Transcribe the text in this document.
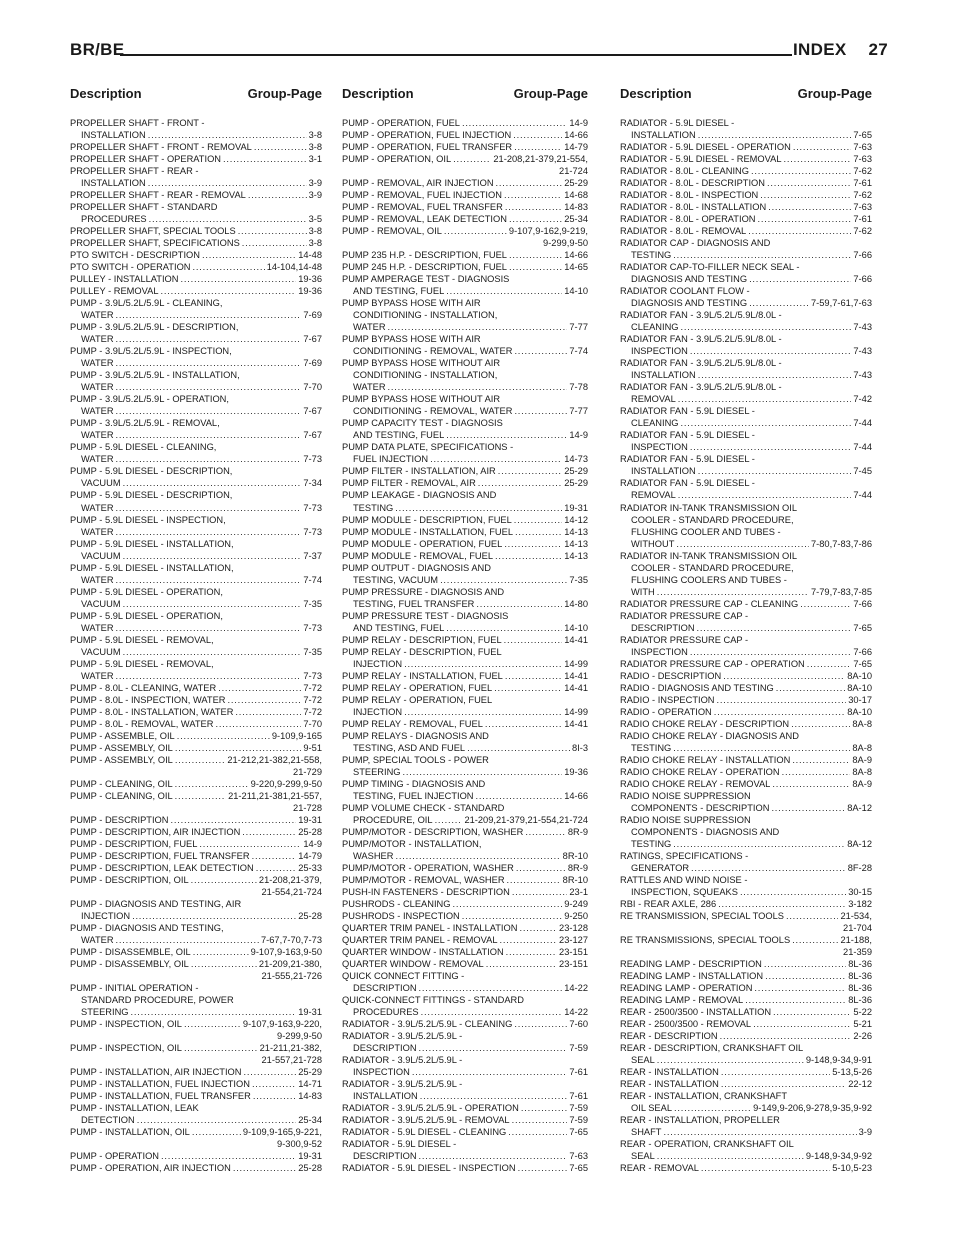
BR/BE	INDEX 27
Description	Group-Page Description	Group-Page Description	Group-Page
PROPELLER SHAFT - FRONT -
INSTALLATION . . .	3-8
PROPELLER SHAFT - FRONT - REMOVAL . . .	3-8
PROPELLER SHAFT - OPERATION . . .	3-1
PROPELLER SHAFT - REAR -
INSTALLATION . . .	3-9
PROPELLER SHAFT - REAR - REMOVAL . . .	3-9
PROPELLER SHAFT - STANDARD
PROCEDURES . . .	3-5
PROPELLER SHAFT, SPECIAL TOOLS . . .	3-8
PROPELLER SHAFT, SPECIFICATIONS . . .	3-8
PTO SWITCH - DESCRIPTION . . .	14-48
PTO SWITCH - OPERATION . . .	14-104,14-48
PULLEY - INSTALLATION . . .	19-36
PULLEY - REMOVAL . . .	19-36
PUMP - 3.9L/5.2L/5.9L - CLEANING,
WATER . . .	7-69
PUMP - 3.9L/5.2L/5.9L - DESCRIPTION,
WATER . . .	7-67
PUMP - 3.9L/5.2L/5.9L - INSPECTION,
WATER . . .	7-69
PUMP - 3.9L/5.2L/5.9L - INSTALLATION,
WATER . . .	7-70
PUMP - 3.9L/5.2L/5.9L - OPERATION,
WATER . . .	7-67
PUMP - 3.9L/5.2L/5.9L - REMOVAL,
WATER . . .	7-67
PUMP - 5.9L DIESEL - CLEANING,
WATER . . .	7-73
PUMP - 5.9L DIESEL - DESCRIPTION,
VACUUM . . .	7-34
PUMP - 5.9L DIESEL - DESCRIPTION,
WATER . . .	7-73
PUMP - 5.9L DIESEL - INSPECTION,
WATER . . .	7-73
PUMP - 5.9L DIESEL - INSTALLATION,
VACUUM . . .	7-37
PUMP - 5.9L DIESEL - INSTALLATION,
WATER . . .	7-74
PUMP - 5.9L DIESEL - OPERATION,
VACUUM . . .	7-35
PUMP - 5.9L DIESEL - OPERATION,
WATER . . .	7-73
PUMP - 5.9L DIESEL - REMOVAL,
VACUUM . . .	7-35
PUMP - 5.9L DIESEL - REMOVAL,
WATER . . .	7-73
PUMP - 8.0L - CLEANING, WATER . . .	7-72
PUMP - 8.0L - INSPECTION, WATER . . .	7-72
PUMP - 8.0L - INSTALLATION, WATER . . .	7-72
PUMP - 8.0L - REMOVAL, WATER . . .	7-70
PUMP - ASSEMBLE, OIL . . .	9-109,9-165
PUMP - ASSEMBLY, OIL . . .	9-51
PUMP - ASSEMBLY, OIL . . .	21-212,21-382,21-558,
21-729
PUMP - CLEANING, OIL . . .	9-220,9-299,9-50
PUMP - CLEANING, OIL . . .	21-211,21-381,21-557,
21-728
PUMP - DESCRIPTION . . .	19-31
PUMP - DESCRIPTION, AIR INJECTION . . .	25-28
PUMP - DESCRIPTION, FUEL . . .	14-9
PUMP - DESCRIPTION, FUEL TRANSFER . . .	14-79
PUMP - DESCRIPTION, LEAK DETECTION . . .	25-33
PUMP - DESCRIPTION, OIL . . .	21-208,21-379,
21-554,21-724
PUMP - DIAGNOSIS AND TESTING, AIR
INJECTION . . .	25-28
PUMP - DIAGNOSIS AND TESTING,
WATER . . .	7-67,7-70,7-73
PUMP - DISASSEMBLE, OIL . . .	9-107,9-163,9-50
PUMP - DISASSEMBLY, OIL . . .	21-209,21-380,
21-555,21-726
PUMP - INITIAL OPERATION -
STANDARD PROCEDURE, POWER
STEERING . . .	19-31
PUMP - INSPECTION, OIL . . .	9-107,9-163,9-220,
9-299,9-50
PUMP - INSPECTION, OIL . . .	21-211,21-382,
21-557,21-728
PUMP - INSTALLATION, AIR INJECTION . . .	25-29
PUMP - INSTALLATION, FUEL INJECTION . . .	14-71
PUMP - INSTALLATION, FUEL TRANSFER . . .	14-83
PUMP - INSTALLATION, LEAK
DETECTION . . .	25-34
PUMP - INSTALLATION, OIL . . .	9-109,9-165,9-221,
9-300,9-52
PUMP - OPERATION . . .	19-31
PUMP - OPERATION, AIR INJECTION . . .	25-28
PUMP - OPERATION, FUEL . . .	14-9
PUMP - OPERATION, FUEL INJECTION . . .	14-66
PUMP - OPERATION, FUEL TRANSFER . . .	14-79
PUMP - OPERATION, OIL . . .	21-208,21-379,21-554,
21-724
PUMP - REMOVAL, AIR INJECTION . . .	25-29
PUMP - REMOVAL, FUEL INJECTION . . .	14-68
PUMP - REMOVAL, FUEL TRANSFER . . .	14-83
PUMP - REMOVAL, LEAK DETECTION . . .	25-34
PUMP - REMOVAL, OIL . . .	9-107,9-162,9-219,
9-299,9-50
PUMP 235 H.P. - DESCRIPTION, FUEL . . .	14-66
PUMP 245 H.P. - DESCRIPTION, FUEL . . .	14-65
PUMP AMPERAGE TEST - DIAGNOSIS
AND TESTING, FUEL . . .	14-10
PUMP BYPASS HOSE WITH AIR
CONDITIONING - INSTALLATION,
WATER . . .	7-77
PUMP BYPASS HOSE WITH AIR
CONDITIONING - REMOVAL, WATER . . .	7-74
PUMP BYPASS HOSE WITHOUT AIR
CONDITIONING - INSTALLATION,
WATER . . .	7-78
PUMP BYPASS HOSE WITHOUT AIR
CONDITIONING - REMOVAL, WATER . . .	7-77
PUMP CAPACITY TEST - DIAGNOSIS
AND TESTING, FUEL . . .	14-9
PUMP DATA PLATE, SPECIFICATIONS -
FUEL INJECTION . . .	14-73
PUMP FILTER - INSTALLATION, AIR . . .	25-29
PUMP FILTER - REMOVAL, AIR . . .	25-29
PUMP LEAKAGE - DIAGNOSIS AND
TESTING . . .	19-31
PUMP MODULE - DESCRIPTION, FUEL . . .	14-12
PUMP MODULE - INSTALLATION, FUEL . . .	14-13
PUMP MODULE - OPERATION, FUEL . . .	14-13
PUMP MODULE - REMOVAL, FUEL . . .	14-13
PUMP OUTPUT - DIAGNOSIS AND
TESTING, VACUUM . . .	7-35
PUMP PRESSURE - DIAGNOSIS AND
TESTING, FUEL TRANSFER . . .	14-80
PUMP PRESSURE TEST - DIAGNOSIS
AND TESTING, FUEL . . .	14-10
PUMP RELAY - DESCRIPTION, FUEL . . .	14-41
PUMP RELAY - DESCRIPTION, FUEL
INJECTION . . .	14-99
PUMP RELAY - INSTALLATION, FUEL . . .	14-41
PUMP RELAY - OPERATION, FUEL . . .	14-41
PUMP RELAY - OPERATION, FUEL
INJECTION . . .	14-99
PUMP RELAY - REMOVAL, FUEL . . .	14-41
PUMP RELAYS - DIAGNOSIS AND
TESTING, ASD AND FUEL . . .	8I-3
PUMP, SPECIAL TOOLS - POWER
STEERING . . .	19-36
PUMP TIMING - DIAGNOSIS AND
TESTING, FUEL INJECTION . . .	14-66
PUMP VOLUME CHECK - STANDARD
PROCEDURE, OIL . . .	21-209,21-379,21-554,21-724
PUMP/MOTOR - DESCRIPTION, WASHER . . .	8R-9
PUMP/MOTOR - INSTALLATION,
WASHER . . .	8R-10
PUMP/MOTOR - OPERATION, WASHER . . .	8R-9
PUMP/MOTOR - REMOVAL, WASHER . . .	8R-10
PUSH-IN FASTENERS - DESCRIPTION . . .	23-1
PUSHRODS - CLEANING . . .	9-249
PUSHRODS - INSPECTION . . .	9-250
QUARTER TRIM PANEL - INSTALLATION . . .	23-128
QUARTER TRIM PANEL - REMOVAL . . .	23-127
QUARTER WINDOW - INSTALLATION . . .	23-151
QUARTER WINDOW - REMOVAL . . .	23-151
QUICK CONNECT FITTING -
DESCRIPTION . . .	14-22
QUICK-CONNECT FITTINGS - STANDARD
PROCEDURES . . .	14-22
RADIATOR - 3.9L/5.2L/5.9L - CLEANING . . .	7-60
RADIATOR - 3.9L/5.2L/5.9L -
DESCRIPTION . . .	7-59
RADIATOR - 3.9L/5.2L/5.9L -
INSPECTION . . .	7-61
RADIATOR - 3.9L/5.2L/5.9L -
INSTALLATION . . .	7-61
RADIATOR - 3.9L/5.2L/5.9L - OPERATION . . .	7-59
RADIATOR - 3.9L/5.2L/5.9L - REMOVAL . . .	7-59
RADIATOR - 5.9L DIESEL - CLEANING . . .	7-65
RADIATOR - 5.9L DIESEL -
DESCRIPTION . . .	7-63
RADIATOR - 5.9L DIESEL - INSPECTION . . .	7-65
RADIATOR - 5.9L DIESEL -
INSTALLATION . . .	7-65
RADIATOR - 5.9L DIESEL - OPERATION . . .	7-63
RADIATOR - 5.9L DIESEL - REMOVAL . . .	7-63
RADIATOR - 8.0L - CLEANING . . .	7-62
RADIATOR - 8.0L - DESCRIPTION . . .	7-61
RADIATOR - 8.0L - INSPECTION . . .	7-62
RADIATOR - 8.0L - INSTALLATION . . .	7-63
RADIATOR - 8.0L - OPERATION . . .	7-61
RADIATOR - 8.0L - REMOVAL . . .	7-62
RADIATOR CAP - DIAGNOSIS AND
TESTING . . .	7-66
RADIATOR CAP-TO-FILLER NECK SEAL -
DIAGNOSIS AND TESTING . . .	7-66
RADIATOR COOLANT FLOW -
DIAGNOSIS AND TESTING . . .	7-59,7-61,7-63
RADIATOR FAN - 3.9L/5.2L/5.9L/8.0L -
CLEANING . . .	7-43
RADIATOR FAN - 3.9L/5.2L/5.9L/8.0L -
INSPECTION . . .	7-43
RADIATOR FAN - 3.9L/5.2L/5.9L/8.0L -
INSTALLATION . . .	7-43
RADIATOR FAN - 3.9L/5.2L/5.9L/8.0L -
REMOVAL . . .	7-42
RADIATOR FAN - 5.9L DIESEL -
CLEANING . . .	7-44
RADIATOR FAN - 5.9L DIESEL -
INSPECTION . . .	7-44
RADIATOR FAN - 5.9L DIESEL -
INSTALLATION . . .	7-45
RADIATOR FAN - 5.9L DIESEL -
REMOVAL . . .	7-44
RADIATOR IN-TANK TRANSMISSION OIL
COOLER - STANDARD PROCEDURE,
FLUSHING COOLER AND TUBES -
WITHOUT . . .	7-80,7-83,7-86
RADIATOR IN-TANK TRANSMISSION OIL
COOLER - STANDARD PROCEDURE,
FLUSHING COOLERS AND TUBES -
WITH . . .	7-79,7-83,7-85
RADIATOR PRESSURE CAP - CLEANING . . .	7-66
RADIATOR PRESSURE CAP -
DESCRIPTION . . .	7-65
RADIATOR PRESSURE CAP -
INSPECTION . . .	7-66
RADIATOR PRESSURE CAP - OPERATION . . .	7-65
RADIO - DESCRIPTION . . .	8A-10
RADIO - DIAGNOSIS AND TESTING . . .	8A-10
RADIO - INSPECTION . . .	30-17
RADIO - OPERATION . . .	8A-10
RADIO CHOKE RELAY - DESCRIPTION . . .	8A-8
RADIO CHOKE RELAY - DIAGNOSIS AND
TESTING . . .	8A-8
RADIO CHOKE RELAY - INSTALLATION . . .	8A-9
RADIO CHOKE RELAY - OPERATION . . .	8A-8
RADIO CHOKE RELAY - REMOVAL . . .	8A-9
RADIO NOISE SUPPRESSION
COMPONENTS - DESCRIPTION . . .	8A-12
RADIO NOISE SUPPRESSION
COMPONENTS - DIAGNOSIS AND
TESTING . . .	8A-12
RATINGS, SPECIFICATIONS -
GENERATOR . . .	8F-28
RATTLES AND WIND NOISE -
INSPECTION, SQUEAKS . . .	30-15
RBI - REAR AXLE, 286 . . .	3-182
RE TRANSMISSION, SPECIAL TOOLS . . .	21-534,
21-704
RE TRANSMISSIONS, SPECIAL TOOLS . . .	21-188,
21-359
READING LAMP - DESCRIPTION . . .	8L-36
READING LAMP - INSTALLATION . . .	8L-36
READING LAMP - OPERATION . . .	8L-36
READING LAMP - REMOVAL . . .	8L-36
REAR - 2500/3500 - INSTALLATION . . .	5-22
REAR - 2500/3500 - REMOVAL . . .	5-21
REAR - DESCRIPTION . . .	2-26
REAR - DESCRIPTION, CRANKSHAFT OIL
SEAL . . .	9-148,9-34,9-91
REAR - INSTALLATION . . .	5-13,5-26
REAR - INSTALLATION . . .	22-12
REAR - INSTALLATION, CRANKSHAFT
OIL SEAL . . .	9-149,9-206,9-278,9-35,9-92
REAR - INSTALLATION, PROPELLER
SHAFT . . .	3-9
REAR - OPERATION, CRANKSHAFT OIL
SEAL . . .	9-148,9-34,9-92
REAR - REMOVAL . . .	5-10,5-23
